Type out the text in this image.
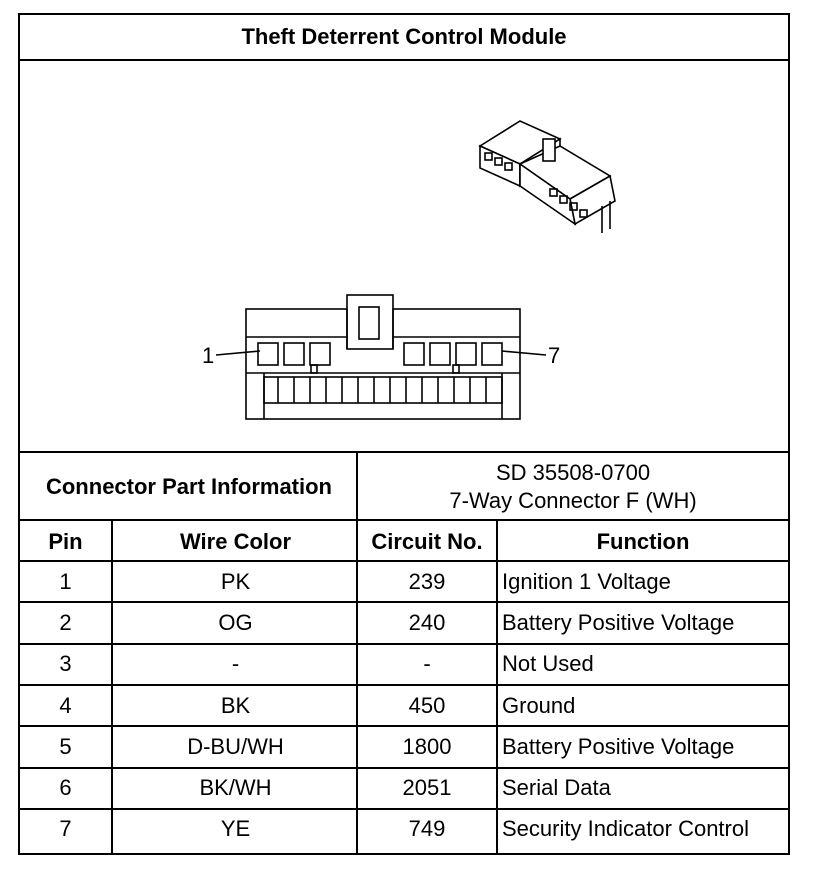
Theft Deterrent Control Module
1	7
Connector Part Information
SD 35508-0700
7-Way Connector F (WH)
Pin	Wire Color	Circuit No.	Function
1	PK	239	Ignition 1 Voltage
2	OG	240	Battery Positive Voltage
3	-	-	Not Used
4	BK	450	Ground
5	D-BU/WH	1800	Battery Positive Voltage
6	BK/WH	2051	Serial Data
7	YE	749	Security Indicator Control
